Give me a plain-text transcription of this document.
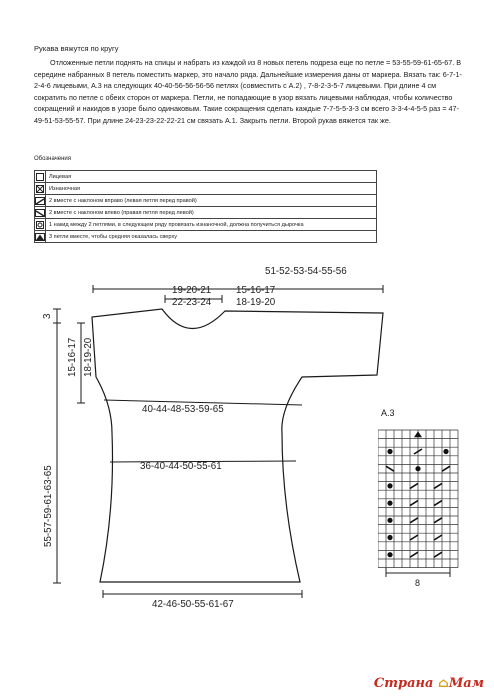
Рукава вяжутся по кругу

Отложенные петли поднять на спицы и набрать из каждой из 8 новых петель подреза еще по петле = 53-55-59-61-65-67. В середине набранных 8 петель поместить маркер, это начало ряда. Дальнейшие измерения даны от маркера. Вязать так: 6-7-1-2-4-6 лицевыми, A.3 на следующих 40-40-56-56-56-56 петлях (совместить с A.2) , 7-8-2-3-5-7 лицевыми. При длине 4 см сократить по петле с обеих сторон от маркера. Петли, не попадающие в узор вязать лицевыми наблюдая, чтобы количество сокращений и накидов в узоре было одинаковым. Такие сокращения сделать каждые 7-7-5-5-3-3 см всего 3-3-4-4-5-5 раз = 47-49-51-53-55-57. При длине 24-23-23-22-22-21 см связать A.1. Закрыть петли. Второй рукав вяжется так же.

Обозначения
	Лицевая

	Изнаночная

	2 вместе с наклоном вправо (левая петля перед правой)

	2 вместе с наклоном влево (правая петля перед левой)

	1 накид между 2 петлями, в следующем ряду провязать изнаночной, должна получиться дырочка

	3 петли вместе, чтобы средняя оказалась сверху
51-52-53-54-55-56
19-20-21
22-23-24
15-16-17
18-19-20
3
15-16-17 18-19-20
55-57-59-61-63-65
40-44-48-53-59-65
36-40-44-50-55-61
42-46-50-55-61-67
A.3
8
Страна ⌂Мам
